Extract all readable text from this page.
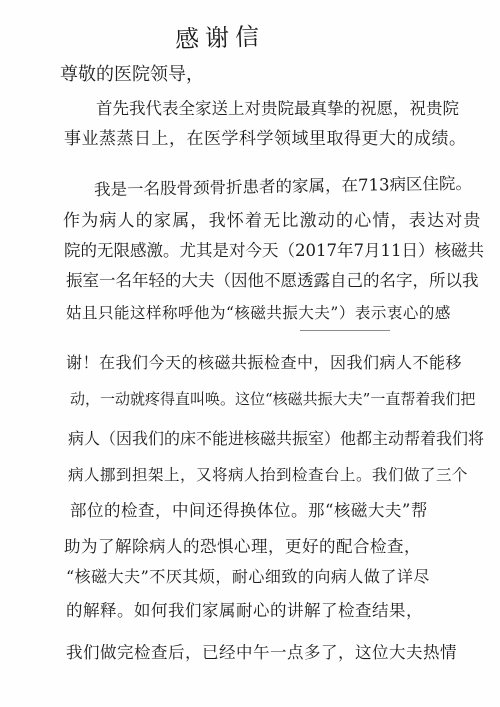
感谢信
尊敬的医院领导，
首先我代表全家送上对贵院最真挚的祝愿，祝贵院
事业蒸蒸日上，在医学科学领域里取得更大的成绩。
我是一名股骨颈骨折患者的家属，在713病区住院。
作为病人的家属，我怀着无比激动的心情，表达对贵
院的无限感激。尤其是对今天（2017年7月11日）核磁共
振室一名年轻的大夫（因他不愿透露自己的名字，所以我
姑且只能这样称呼他为“核磁共振大夫”）表示衷心的感
谢！在我们今天的核磁共振检查中，因我们病人不能移
动，一动就疼得直叫唤。这位“核磁共振大夫”一直帮着我们把
病人（因我们的床不能进核磁共振室）他都主动帮着我们将
病人挪到担架上，又将病人抬到检查台上。我们做了三个
部位的检查，中间还得换体位。那“核磁大夫”帮
助为了解除病人的恐惧心理，更好的配合检查，
“核磁大夫”不厌其烦，耐心细致的向病人做了详尽
的解释。如何我们家属耐心的讲解了检查结果，
我们做完检查后，已经中午一点多了，这位大夫热情
